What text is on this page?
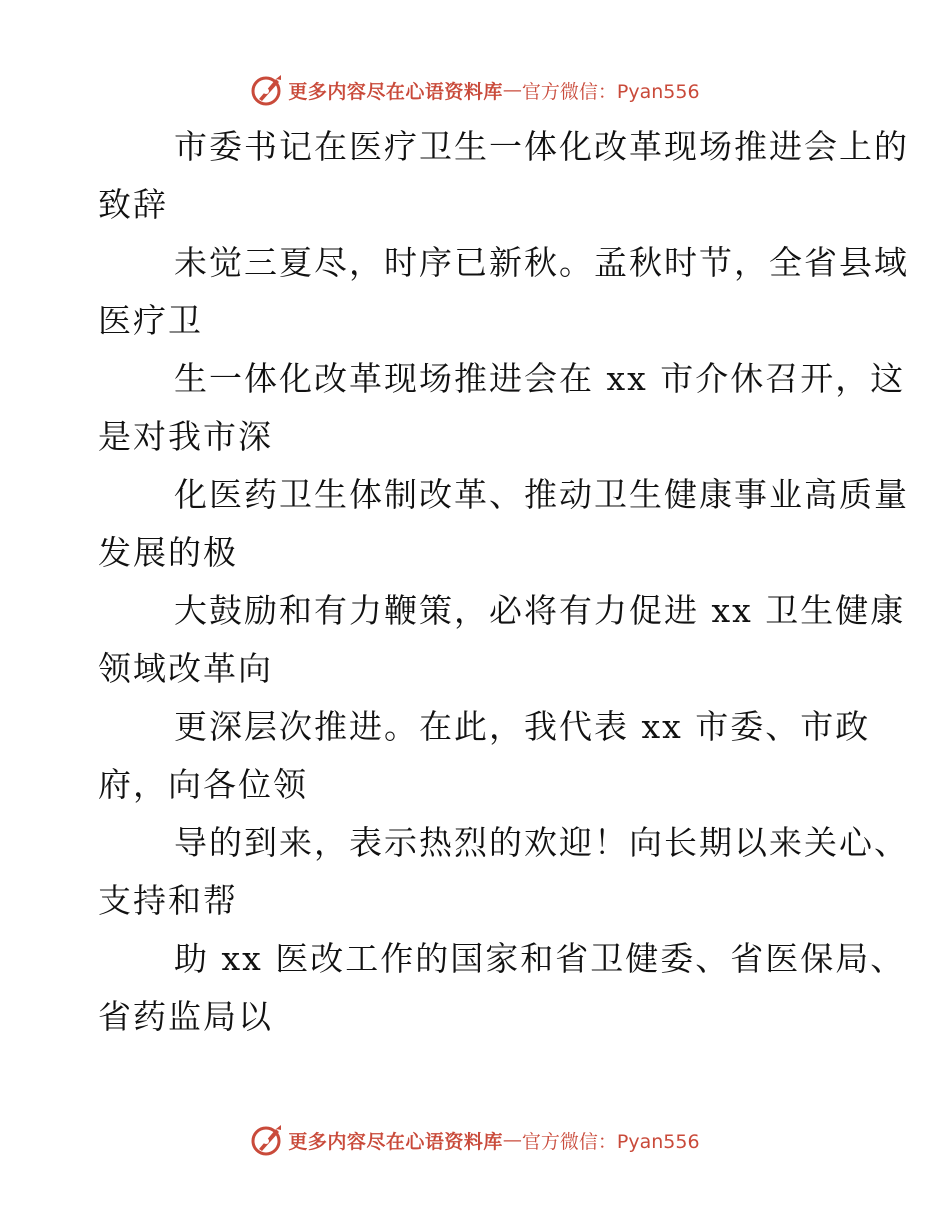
更多内容尽在心语资料库 — 官方微信：Pyan556
市委书记在医疗卫生一体化改革现场推进会上的
致辞
未觉三夏尽，时序已新秋。孟秋时节，全省县域
医疗卫
生一体化改革现场推进会在 xx 市介休召开，这
是对我市深
化医药卫生体制改革、推动卫生健康事业高质量
发展的极
大鼓励和有力鞭策，必将有力促进 xx 卫生健康
领域改革向
更深层次推进。在此，我代表 xx 市委、市政
府，向各位领
导的到来，表示热烈的欢迎！向长期以来关心、
支持和帮
助 xx 医改工作的国家和省卫健委、省医保局、
省药监局以
更多内容尽在心语资料库 — 官方微信：Pyan556
